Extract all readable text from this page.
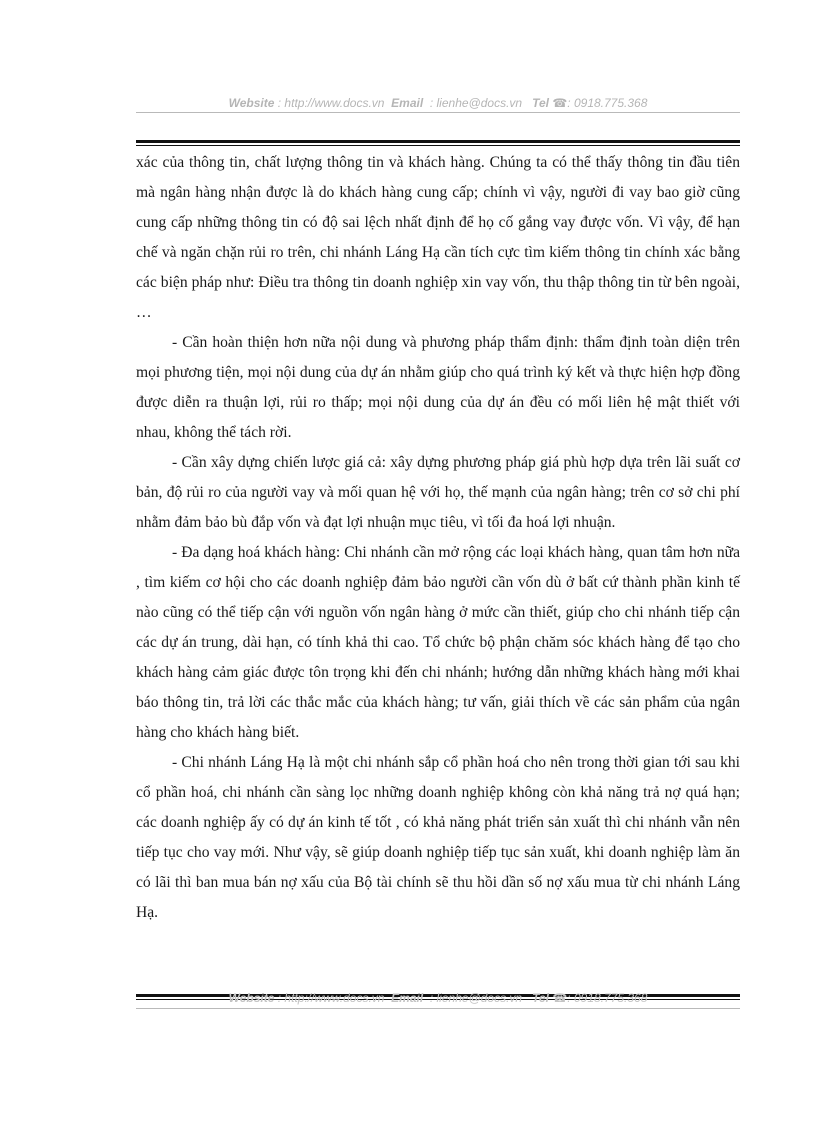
Website : http://www.docs.vn Email : lienhe@docs.vn Tel ☎: 0918.775.368

xác của thông tin, chất lượng thông tin và khách hàng. Chúng ta có thể thấy thông tin đầu tiên mà ngân hàng nhận được là do khách hàng cung cấp; chính vì vậy, người đi vay bao giờ cũng cung cấp những thông tin có độ sai lệch nhất định để họ cố gắng vay được vốn. Vì vậy, để hạn chế và ngăn chặn rủi ro trên, chi nhánh Láng Hạ cần tích cực tìm kiếm thông tin chính xác bằng các biện pháp như: Điều tra thông tin doanh nghiệp xin vay vốn, thu thập thông tin từ bên ngoài, …

- Cần hoàn thiện hơn nữa nội dung và phương pháp thẩm định: thẩm định toàn diện trên mọi phương tiện, mọi nội dung của dự án nhằm giúp cho quá trình ký kết và thực hiện hợp đồng được diễn ra thuận lợi, rủi ro thấp; mọi nội dung của dự án đều có mối liên hệ mật thiết với nhau, không thể tách rời.

- Cần xây dựng chiến lược giá cả: xây dựng phương pháp giá phù hợp dựa trên lãi suất cơ bản, độ rủi ro của người vay và mối quan hệ với họ, thế mạnh của ngân hàng; trên cơ sở chi phí nhằm đảm bảo bù đắp vốn và đạt lợi nhuận mục tiêu, vì tối đa hoá lợi nhuận.

- Đa dạng hoá khách hàng: Chi nhánh cần mở rộng các loại khách hàng, quan tâm hơn nữa , tìm kiếm cơ hội cho các doanh nghiệp đảm bảo người cần vốn dù ở bất cứ thành phần kinh tế nào cũng có thể tiếp cận với nguồn vốn ngân hàng ở mức cần thiết, giúp cho chi nhánh tiếp cận các dự án trung, dài hạn, có tính khả thi cao. Tổ chức bộ phận chăm sóc khách hàng để tạo cho khách hàng cảm giác được tôn trọng khi đến chi nhánh; hướng dẫn những khách hàng mới khai báo thông tin, trả lời các thắc mắc của khách hàng; tư vấn, giải thích về các sản phẩm của ngân hàng cho khách hàng biết.

- Chi nhánh Láng Hạ là một chi nhánh sắp cổ phần hoá cho nên trong thời gian tới sau khi cổ phần hoá, chi nhánh cần sàng lọc những doanh nghiệp không còn khả năng trả nợ quá hạn; các doanh nghiệp ấy có dự án kinh tế tốt , có khả năng phát triển sản xuất thì chi nhánh vẫn nên tiếp tục cho vay mới. Như vậy, sẽ giúp doanh nghiệp tiếp tục sản xuất, khi doanh nghiệp làm ăn có lãi thì ban mua bán nợ xấu của Bộ tài chính sẽ thu hồi dần số nợ xấu mua từ chi nhánh Láng Hạ.

Website : http://www.docs.vn Email : lienhe@docs.vn Tel ☎: 0918.775.368
